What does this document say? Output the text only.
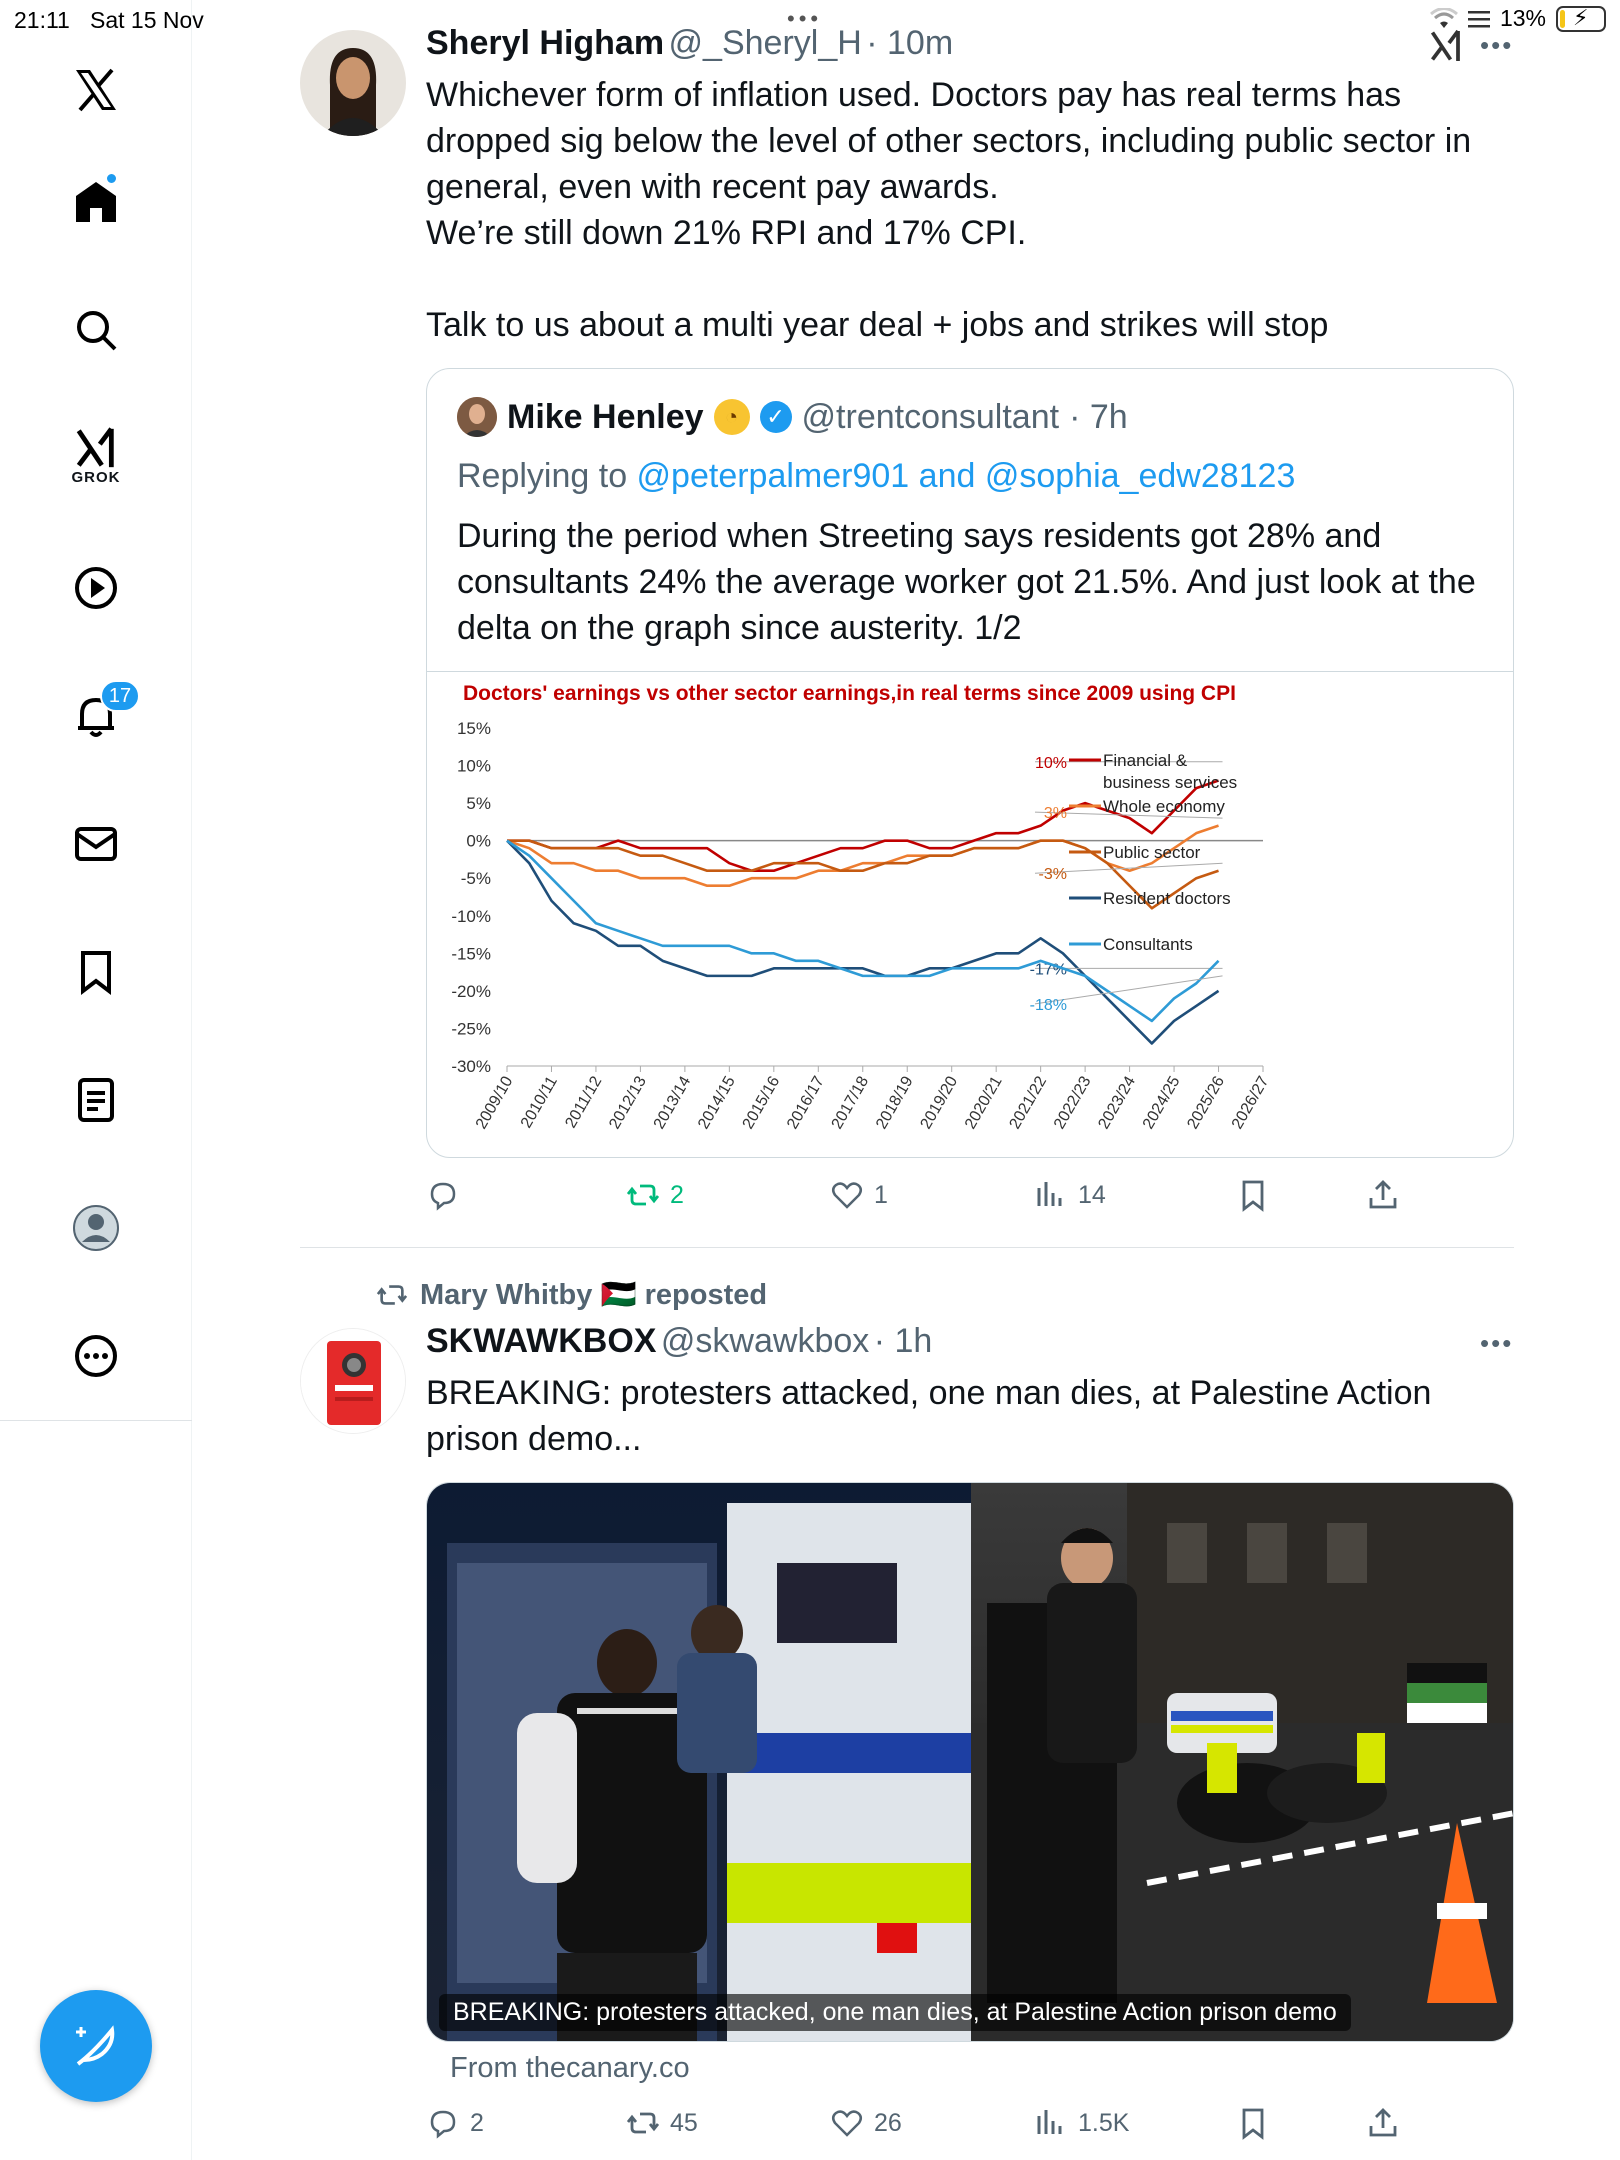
21:11 Sat 15 Nov	•••	13% ⚡
GROK
17
Sheryl Higham @_Sheryl_H · 10m	•••
Whichever form of inflation used. Doctors pay has real terms has
dropped sig below the level of other sectors, including public sector in
general, even with recent pay awards.
We’re still down 21% RPI and 17% CPI.

Talk to us about a multi year deal + jobs and strikes will stop
Mike Henley ◔	✓ @trentconsultant · 7h
Replying to @peterpalmer901 and @sophia_edw28123
During the period when Streeting says residents got 28% and
consultants 24% the average worker got 21.5%. And just look at the
delta on the graph since austerity. 1/2
Doctors' earnings vs other sector earnings,in real terms since 2009 using CPI
15%
10%
5%
0%
-5%
-10%
-15%
-20%
-25%
-30%
2009/10 2010/11 2011/12 2012/13 2013/14 2014/15 2015/16 2016/17 2017/18 2018/19 2019/20 2020/21 2021/22 2022/23 2023/24 2024/25 2025/26 2026/27
10% Financial &
business services
3% Whole economy
-3%
Public sector
-17%
Resident doctors
-18%
Consultants
2	1	14
Mary Whitby 🇵🇸 reposted
SKWAWKBOX @skwawkbox · 1h	•••
BREAKING: protesters attacked, one man dies, at Palestine Action
prison demo...
BREAKING: protesters attacked, one man dies, at Palestine Action prison demo
From thecanary.co
2	45	26	1.5K
